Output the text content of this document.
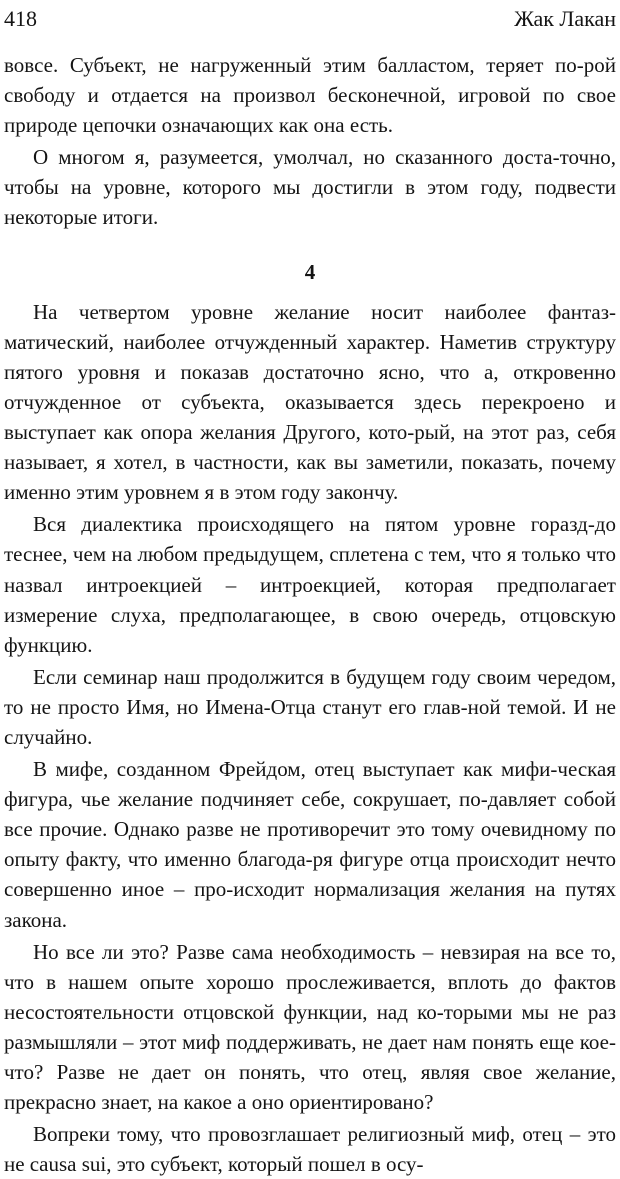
418	Жак Лакан

вовсе. Субъект, не нагруженный этим балластом, теряет по-рой свободу и отдается на произвол бесконечной, игровой по свое природе цепочки означающих как она есть.

О многом я, разумеется, умолчал, но сказанного доста-точно, чтобы на уровне, которого мы достигли в этом году, подвести некоторые итоги.

4

На четвертом уровне желание носит наиболее фантаз-матический, наиболее отчужденный характер. Наметив структуру пятого уровня и показав достаточно ясно, что а, откровенно отчужденное от субъекта, оказывается здесь перекроено и выступает как опора желания Другого, кото-рый, на этот раз, себя называет, я хотел, в частности, как вы заметили, показать, почему именно этим уровнем я в этом году закончу.

Вся диалектика происходящего на пятом уровне горазд-до теснее, чем на любом предыдущем, сплетена с тем, что я только что назвал интроекцией – интроекцией, которая предполагает измерение слуха, предполагающее, в свою очередь, отцовскую функцию.

Если семинар наш продолжится в будущем году своим чередом, то не просто Имя, но Имена-Отца станут его глав-ной темой. И не случайно.

В мифе, созданном Фрейдом, отец выступает как мифи-ческая фигура, чье желание подчиняет себе, сокрушает, по-давляет собой все прочие. Однако разве не противоречит это тому очевидному по опыту факту, что именно благода-ря фигуре отца происходит нечто совершенно иное – про-исходит нормализация желания на путях закона.

Но все ли это? Разве сама необходимость – невзирая на все то, что в нашем опыте хорошо прослеживается, вплоть до фактов несостоятельности отцовской функции, над ко-торыми мы не раз размышляли – этот миф поддерживать, не дает нам понять еще кое-что? Разве не дает он понять, что отец, являя свое желание, прекрасно знает, на какое а оно ориентировано?

Вопреки тому, что провозглашает религиозный миф, отец – это не causa sui, это субъект, который пошел в осу-
